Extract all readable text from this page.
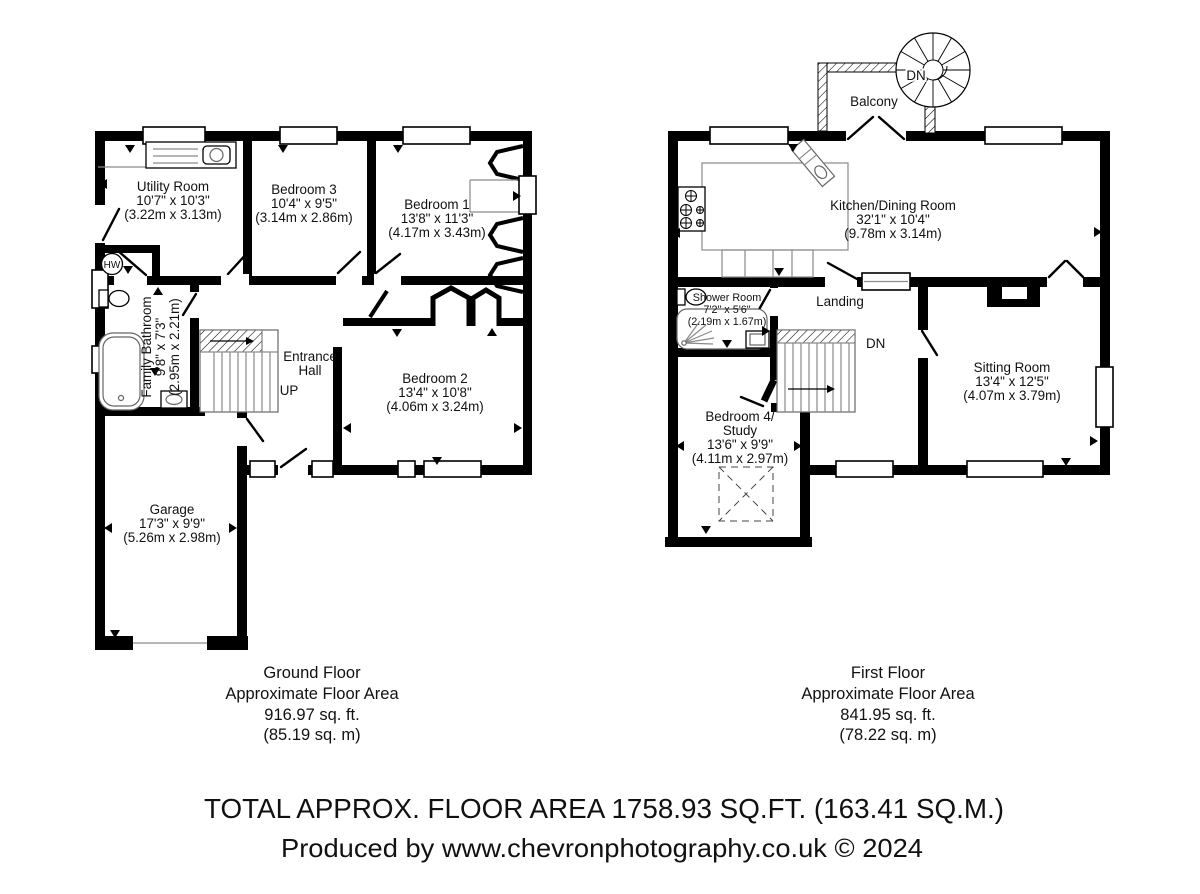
Utility Room
10'7" x 10'3"
(3.22m x 3.13m)
Bedroom 3
10'4" x 9'5"
(3.14m x 2.86m)
Bedroom 1
13'8" x 11'3"
(4.17m x 3.43m)
Bedroom 2
13'4" x 10'8"
(4.06m x 3.24m)
Family Bathroom 9'8" x 7'3" (2.95m x 2.21m)	Entrance
Hall
Garage
17'3" x 9'9"
(5.26m x 2.98m)
UP
HW
Kitchen/Dining Room
32'1" x 10'4"
(9.78m x 3.14m)
Shower Room
7'2" x 5'6"
(2.19m x 1.67m)
Landing
Sitting Room
13'4" x 12'5"
(4.07m x 3.79m)
Bedroom 4/
Study
13'6" x 9'9"
(4.11m x 2.97m)
Balcony
DN
DN
Ground Floor
Approximate Floor Area
916.97 sq. ft.
(85.19 sq. m)
First Floor
Approximate Floor Area
841.95 sq. ft.
(78.22 sq. m)
TOTAL APPROX. FLOOR AREA 1758.93 SQ.FT. (163.41 SQ.M.)
Produced by www.chevronphotography.co.uk © 2024
